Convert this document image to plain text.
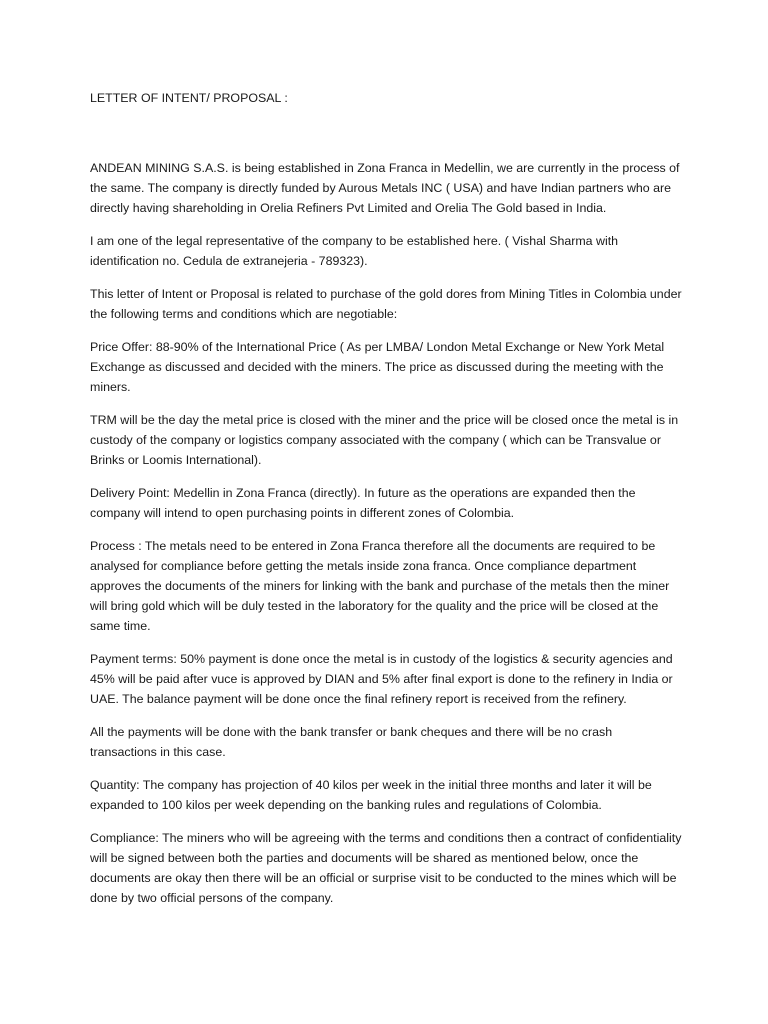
LETTER OF INTENT/ PROPOSAL :

ANDEAN MINING S.A.S. is being established in Zona Franca in Medellin, we are currently in the process of the same. The company is directly funded by Aurous Metals INC ( USA) and have Indian partners who are directly having shareholding in Orelia Refiners Pvt Limited and Orelia The Gold based in India.

I am one of the legal representative of the company to be established here. ( Vishal Sharma with identification no. Cedula de extranejeria - 789323).

This letter of Intent or Proposal is related to purchase of the gold dores from Mining Titles in Colombia under the following terms and conditions which are negotiable:

Price Offer: 88-90% of the International Price ( As per LMBA/ London Metal Exchange or New York Metal Exchange as discussed and decided with the miners. The price as discussed during the meeting with the miners.

TRM will be the day the metal price is closed with the miner and the price will be closed once the metal is in custody of the company or logistics company associated with the company ( which can be Transvalue or Brinks or Loomis International).

Delivery Point: Medellin in Zona Franca (directly). In future as the operations are expanded then the company will intend to open purchasing points in different zones of Colombia.

Process : The metals need to be entered in Zona Franca therefore all the documents are required to be analysed for compliance before getting the metals inside zona franca. Once compliance department approves the documents of the miners for linking with the bank and purchase of the metals then the miner will bring gold which will be duly tested in the laboratory for the quality and the price will be closed at the same time.

Payment terms: 50% payment is done once the metal is in custody of the logistics & security agencies and 45% will be paid after vuce is approved by DIAN and 5% after final export is done to the refinery in India or UAE. The balance payment will be done once the final refinery report is received from the refinery.

All the payments will be done with the bank transfer or bank cheques and there will be no crash transactions in this case.

Quantity: The company has projection of 40 kilos per week in the initial three months and later it will be expanded to 100 kilos per week depending on the banking rules and regulations of Colombia.

Compliance: The miners who will be agreeing with the terms and conditions then a contract of confidentiality will be signed between both the parties and documents will be shared as mentioned below, once the documents are okay then there will be an official or surprise visit to be conducted to the mines which will be done by two official persons of the company.
